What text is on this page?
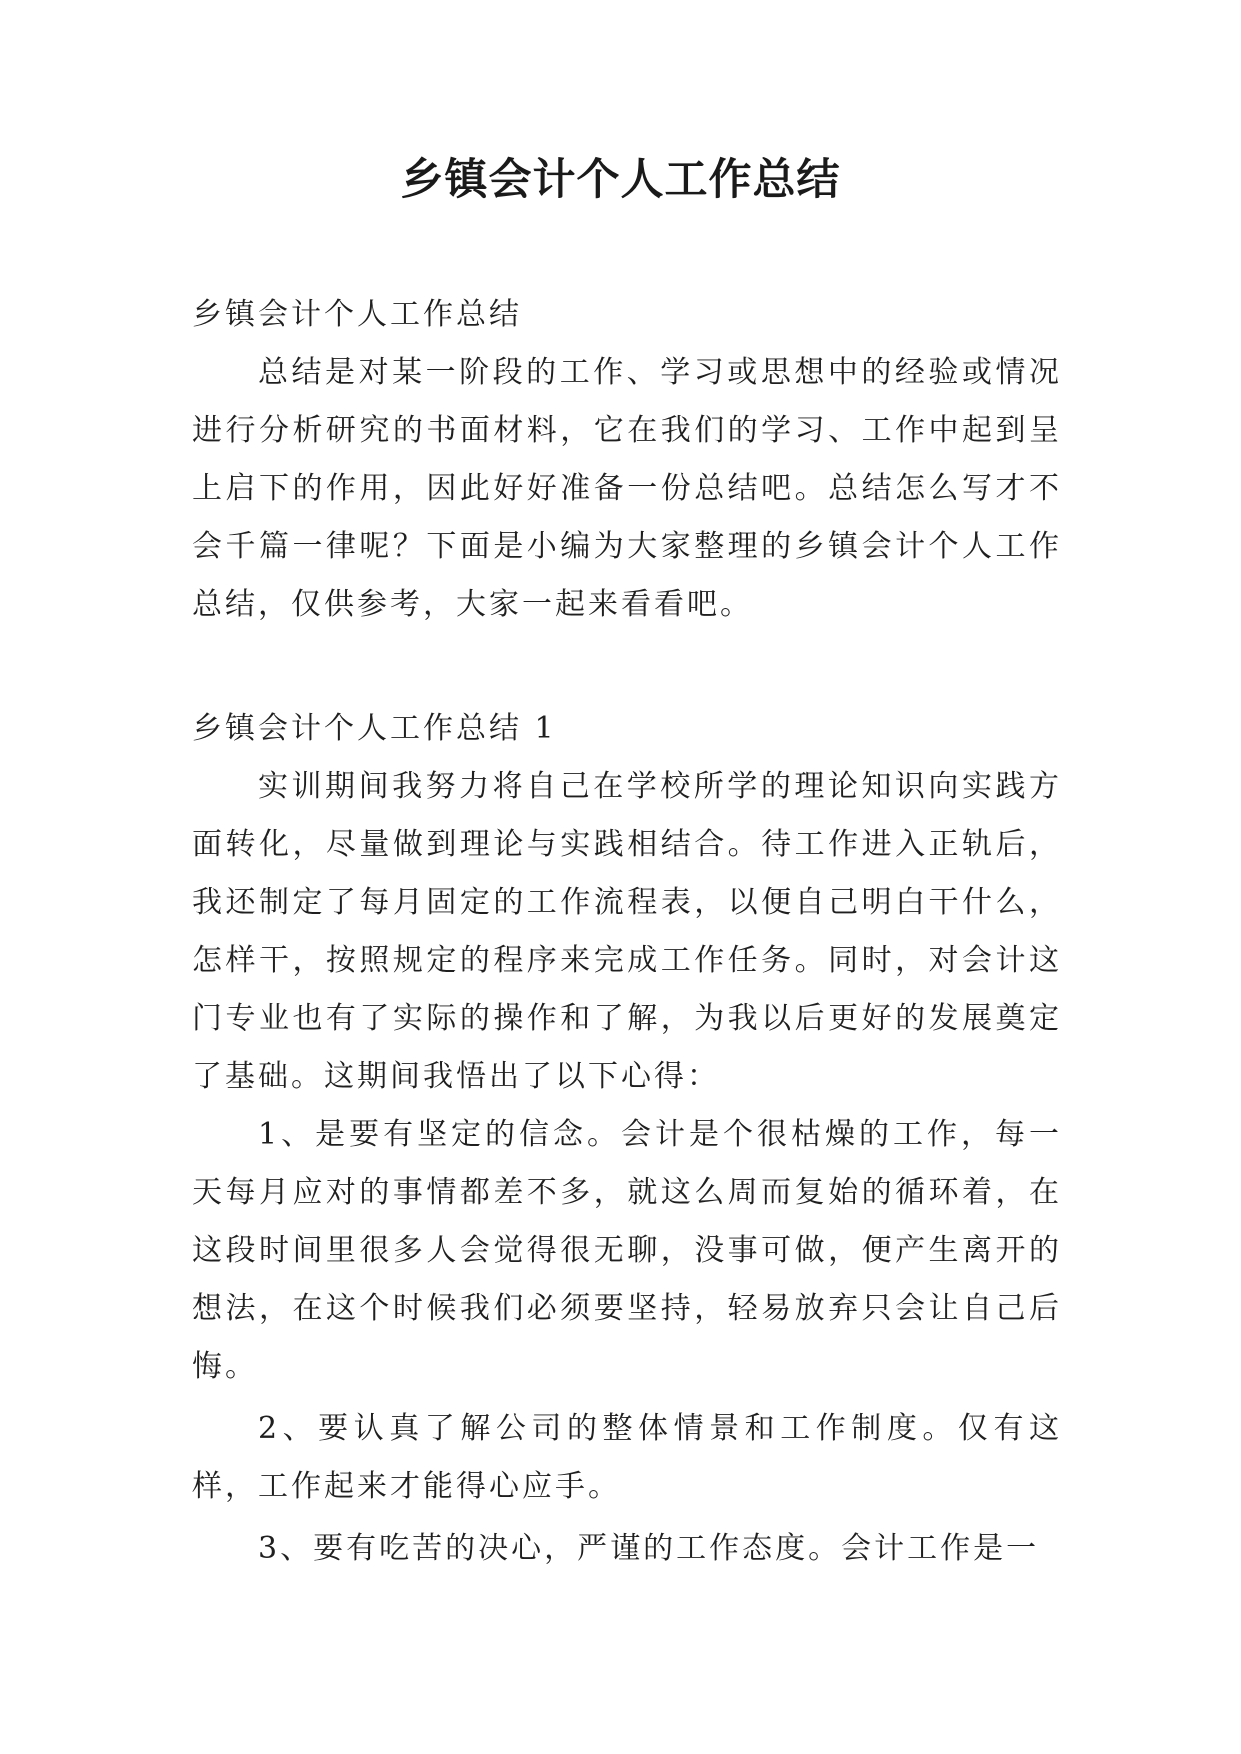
乡镇会计个人工作总结

乡镇会计个人工作总结

总结是对某一阶段的工作、学习或思想中的经验或情况进行分析研究的书面材料，它在我们的学习、工作中起到呈上启下的作用，因此好好准备一份总结吧。总结怎么写才不会千篇一律呢？下面是小编为大家整理的乡镇会计个人工作总结，仅供参考，大家一起来看看吧。

乡镇会计个人工作总结 1

实训期间我努力将自己在学校所学的理论知识向实践方面转化，尽量做到理论与实践相结合。待工作进入正轨后，我还制定了每月固定的工作流程表，以便自己明白干什么，怎样干，按照规定的程序来完成工作任务。同时，对会计这门专业也有了实际的操作和了解，为我以后更好的发展奠定了基础。这期间我悟出了以下心得：

1、是要有坚定的信念。会计是个很枯燥的工作，每一天每月应对的事情都差不多，就这么周而复始的循环着，在这段时间里很多人会觉得很无聊，没事可做，便产生离开的想法，在这个时候我们必须要坚持，轻易放弃只会让自己后悔。

2、要认真了解公司的整体情景和工作制度。仅有这样，工作起来才能得心应手。

3、要有吃苦的决心，严谨的工作态度。会计工作是一
